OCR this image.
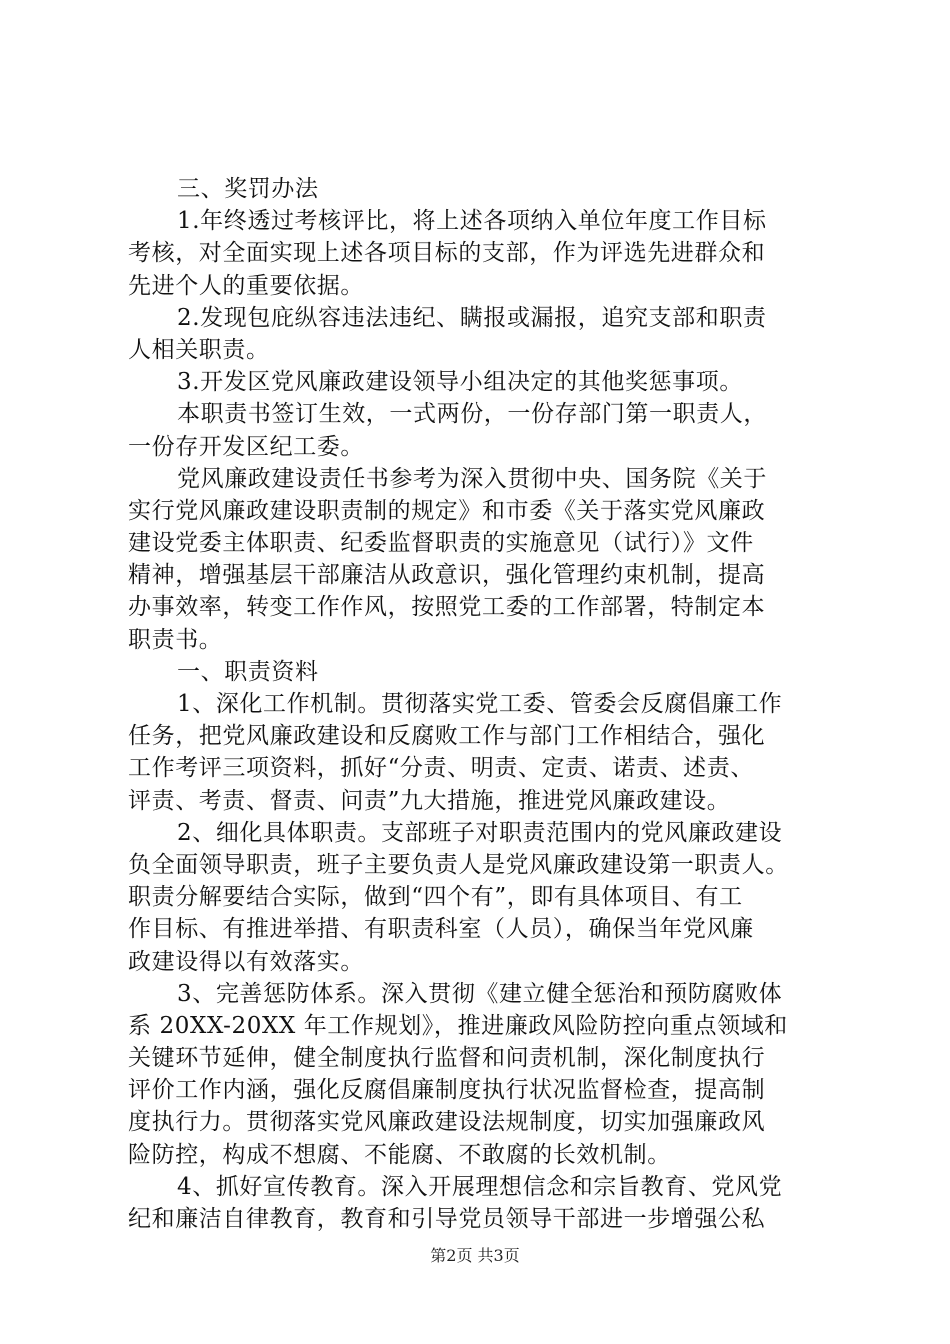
三、奖罚办法
1.年终透过考核评比，将上述各项纳入单位年度工作目标
考核，对全面实现上述各项目标的支部，作为评选先进群众和
先进个人的重要依据。
2.发现包庇纵容违法违纪、瞒报或漏报，追究支部和职责
人相关职责。
3.开发区党风廉政建设领导小组决定的其他奖惩事项。
本职责书签订生效，一式两份，一份存部门第一职责人，
一份存开发区纪工委。
党风廉政建设责任书参考为深入贯彻中央、国务院《关于
实行党风廉政建设职责制的规定》和市委《关于落实党风廉政
建设党委主体职责、纪委监督职责的实施意见（试行）》文件
精神，增强基层干部廉洁从政意识，强化管理约束机制，提高
办事效率，转变工作作风，按照党工委的工作部署，特制定本
职责书。
一、职责资料
1、深化工作机制。贯彻落实党工委、管委会反腐倡廉工作
任务，把党风廉政建设和反腐败工作与部门工作相结合，强化
工作考评三项资料，抓好“分责、明责、定责、诺责、述责、
评责、考责、督责、问责”九大措施，推进党风廉政建设。
2、细化具体职责。支部班子对职责范围内的党风廉政建设
负全面领导职责，班子主要负责人是党风廉政建设第一职责人。
职责分解要结合实际，做到“四个有”，即有具体项目、有工
作目标、有推进举措、有职责科室（人员），确保当年党风廉
政建设得以有效落实。
3、完善惩防体系。深入贯彻《建立健全惩治和预防腐败体
系 20XX-20XX 年工作规划》，推进廉政风险防控向重点领域和
关键环节延伸，健全制度执行监督和问责机制，深化制度执行
评价工作内涵，强化反腐倡廉制度执行状况监督检查，提高制
度执行力。贯彻落实党风廉政建设法规制度，切实加强廉政风
险防控，构成不想腐、不能腐、不敢腐的长效机制。
4、抓好宣传教育。深入开展理想信念和宗旨教育、党风党
纪和廉洁自律教育，教育和引导党员领导干部进一步增强公私
第2页 共3页
